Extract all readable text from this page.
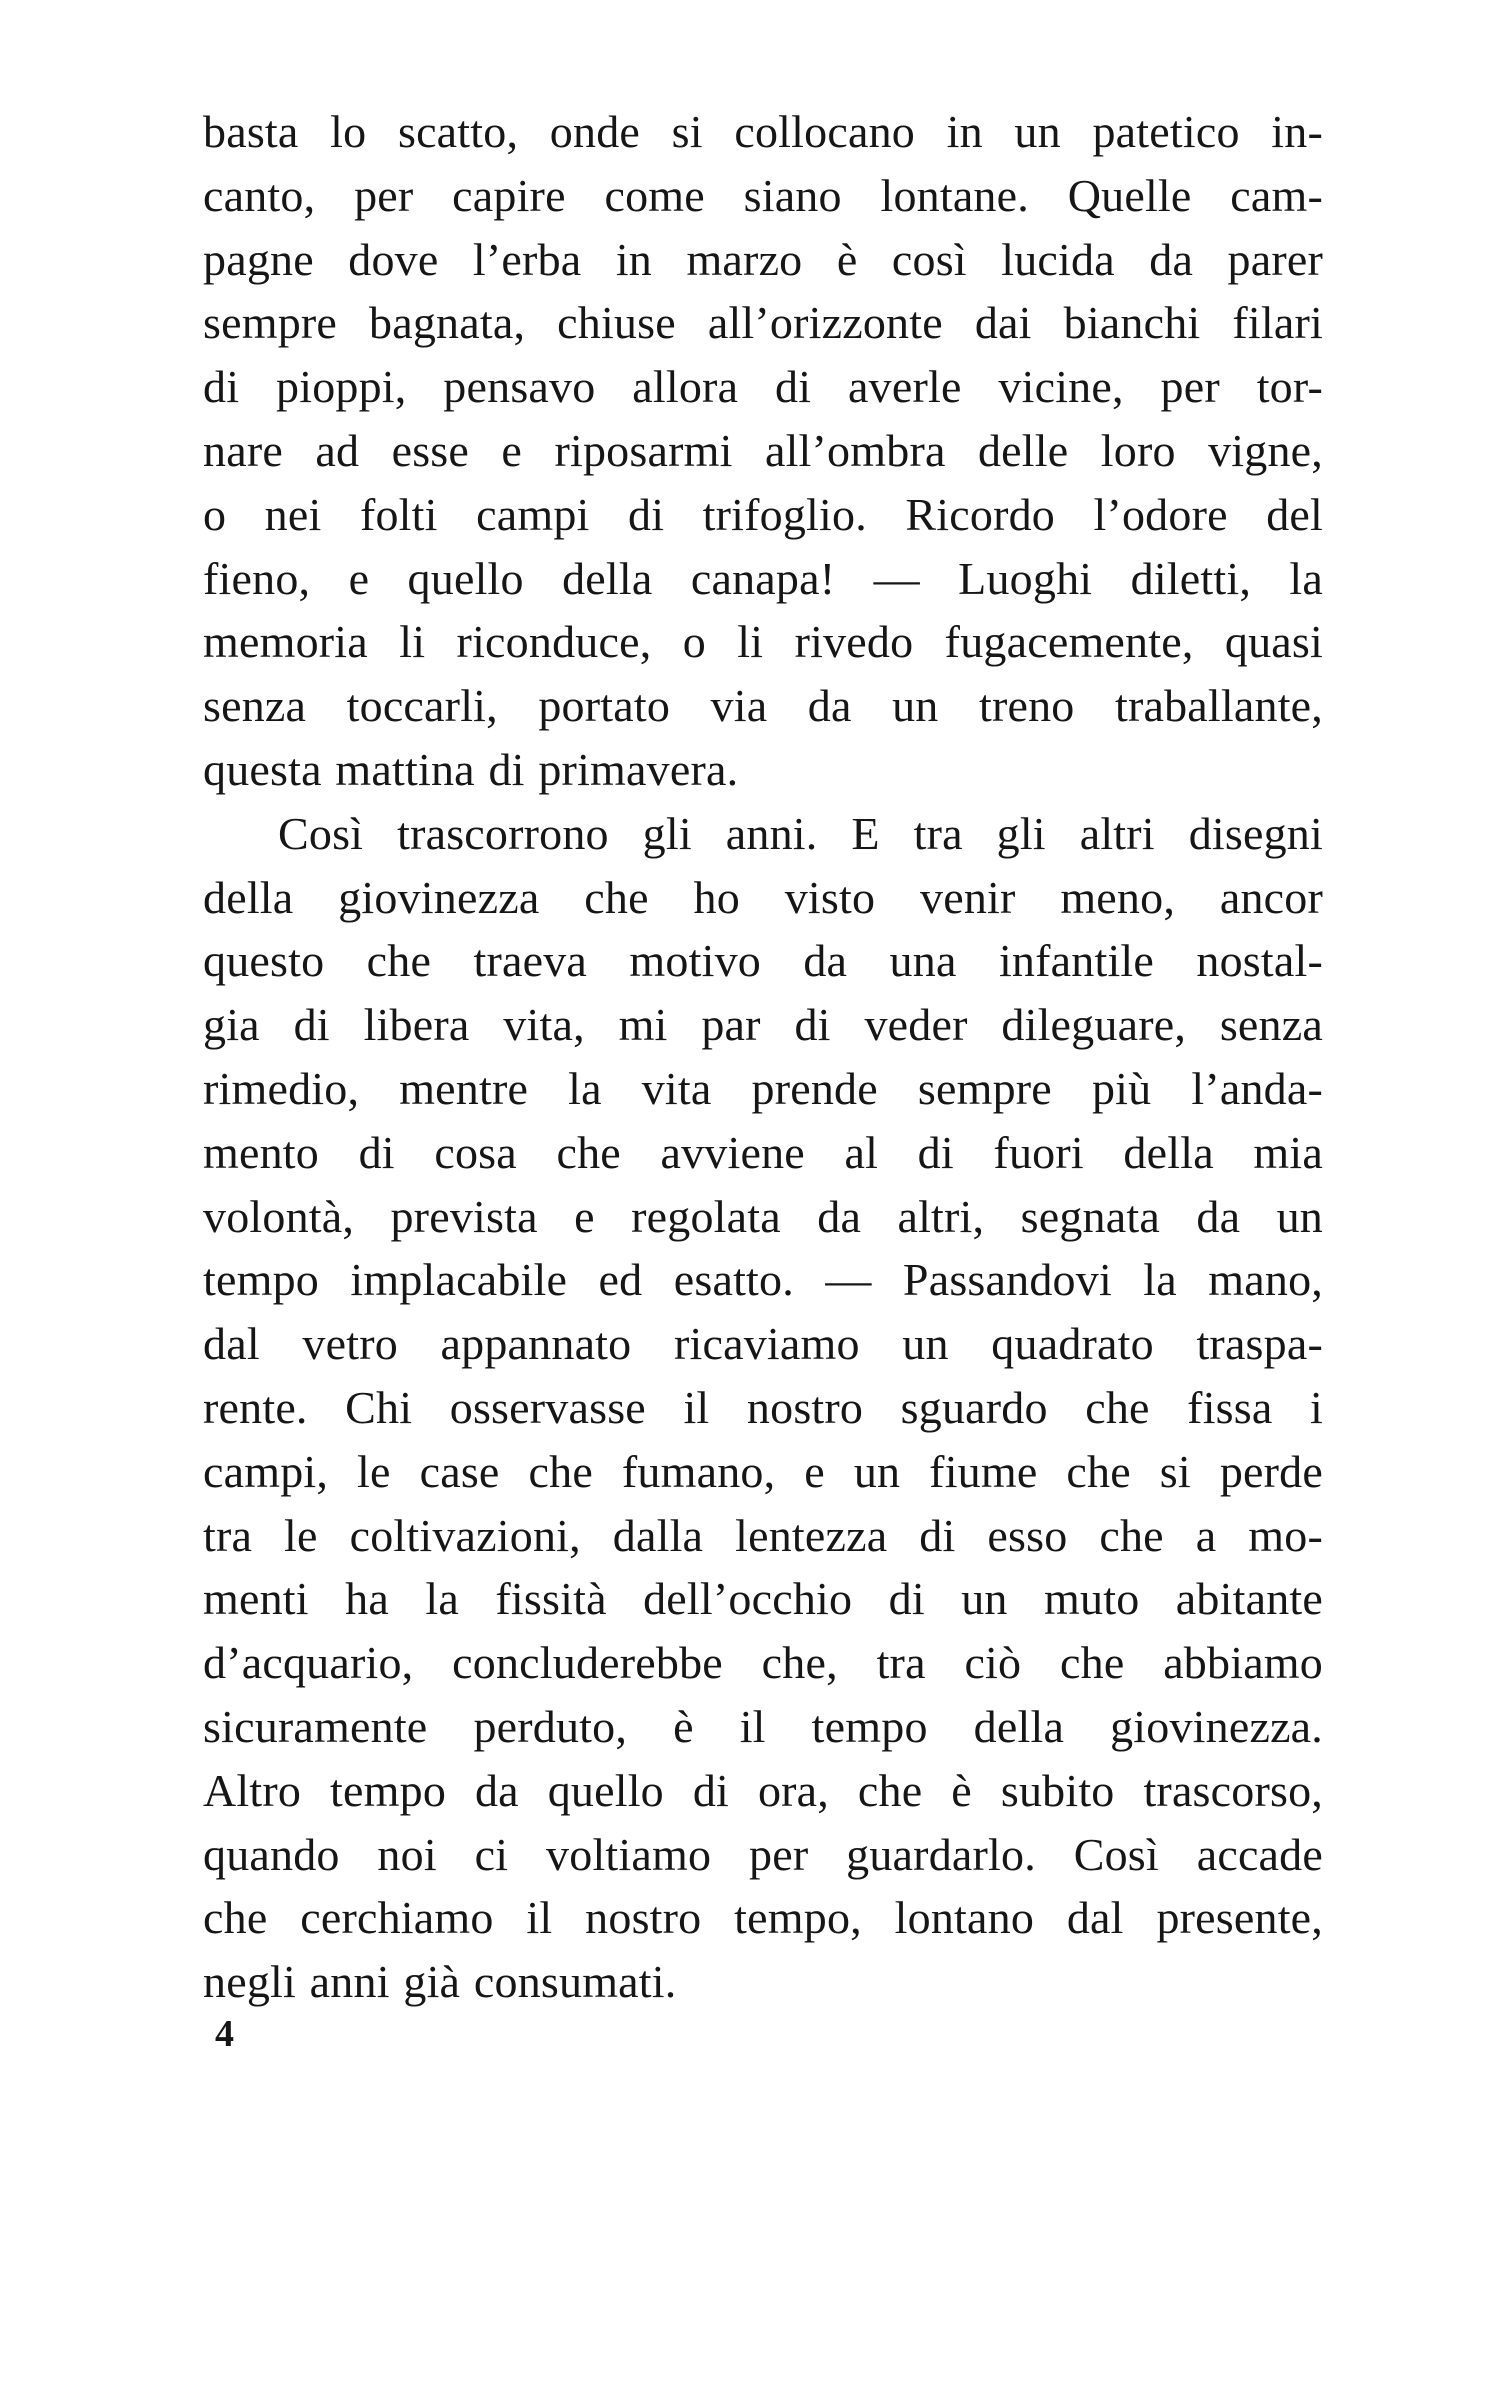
basta lo scatto, onde si collocano in un patetico in-
canto, per capire come siano lontane. Quelle cam-
pagne dove l’erba in marzo è così lucida da parer
sempre bagnata, chiuse all’orizzonte dai bianchi filari
di pioppi, pensavo allora di averle vicine, per tor-
nare ad esse e riposarmi all’ombra delle loro vigne,
o nei folti campi di trifoglio. Ricordo l’odore del
fieno, e quello della canapa! — Luoghi diletti, la
memoria li riconduce, o li rivedo fugacemente, quasi
senza toccarli, portato via da un treno traballante,
questa mattina di primavera.
Così trascorrono gli anni. E tra gli altri disegni
della giovinezza che ho visto venir meno, ancor
questo che traeva motivo da una infantile nostal-
gia di libera vita, mi par di veder dileguare, senza
rimedio, mentre la vita prende sempre più l’anda-
mento di cosa che avviene al di fuori della mia
volontà, prevista e regolata da altri, segnata da un
tempo implacabile ed esatto. — Passandovi la mano,
dal vetro appannato ricaviamo un quadrato traspa-
rente. Chi osservasse il nostro sguardo che fissa i
campi, le case che fumano, e un fiume che si perde
tra le coltivazioni, dalla lentezza di esso che a mo-
menti ha la fissità dell’occhio di un muto abitante
d’acquario, concluderebbe che, tra ciò che abbiamo
sicuramente perduto, è il tempo della giovinezza.
Altro tempo da quello di ora, che è subito trascorso,
quando noi ci voltiamo per guardarlo. Così accade
che cerchiamo il nostro tempo, lontano dal presente,
negli anni già consumati.
4
